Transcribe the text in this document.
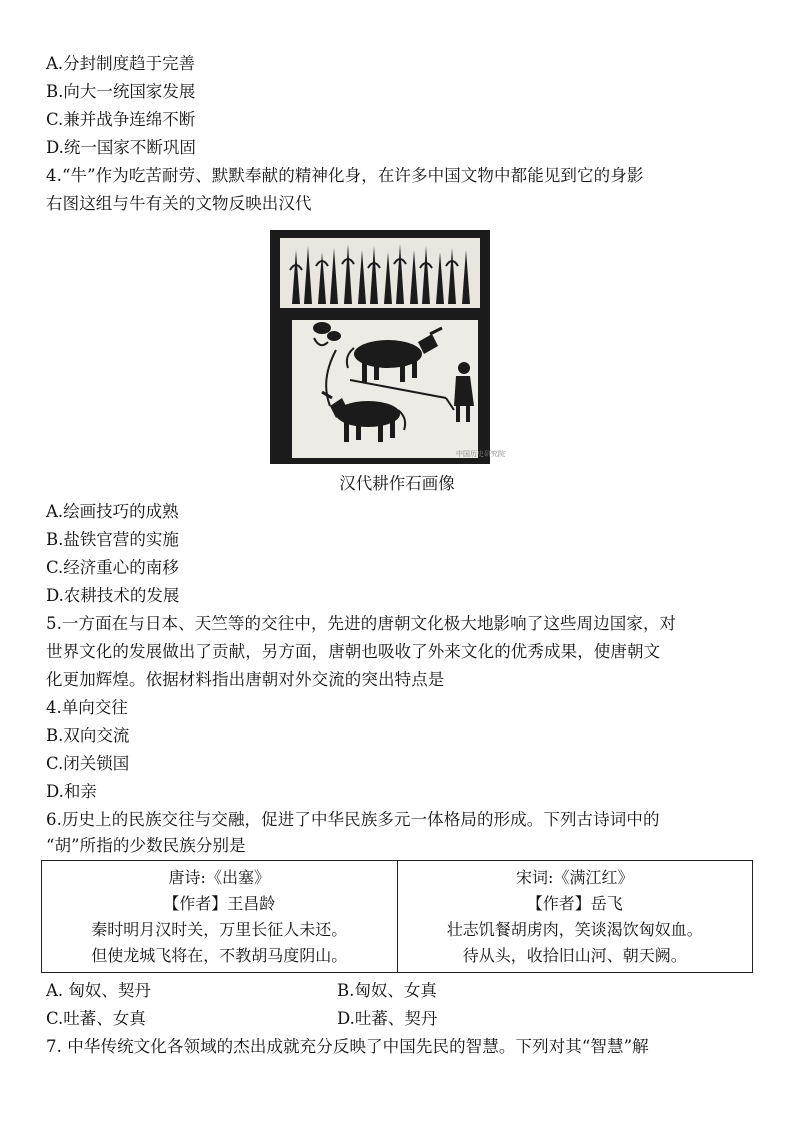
A.分封制度趋于完善
B.向大一统国家发展
C.兼并战争连绵不断
D.统一国家不断巩固
4.“牛”作为吃苦耐劳、默默奉献的精神化身，在许多中国文物中都能见到它的身影
右图这组与牛有关的文物反映出汉代
中国历史研究院
汉代耕作石画像
A.绘画技巧的成熟
B.盐铁官营的实施
C.经济重心的南移
D.农耕技术的发展
5.一方面在与日本、天竺等的交往中，先进的唐朝文化极大地影响了这些周边国家，对
世界文化的发展做出了贡献，另方面，唐朝也吸收了外来文化的优秀成果，使唐朝文
化更加辉煌。依据材料指出唐朝对外交流的突出特点是
4.单向交往
B.双向交流
C.闭关锁国
D.和亲
6.历史上的民族交往与交融，促进了中华民族多元一体格局的形成。下列古诗词中的
“胡”所指的少数民族分别是
唐诗:《出塞》
【作者】王昌龄
秦时明月汉时关，万里长征人未还。
但使龙城飞将在，不教胡马度阴山。

宋词:《满江红》
【作者】岳飞
壮志饥餐胡虏肉，笑谈渴饮匈奴血。
待从头，收拾旧山河、朝天阙。
A. 匈奴、契丹	B.匈奴、女真
C.吐蕃、女真	D.吐蕃、契丹
7. 中华传统文化各领域的杰出成就充分反映了中国先民的智慧。下列对其“智慧”解
